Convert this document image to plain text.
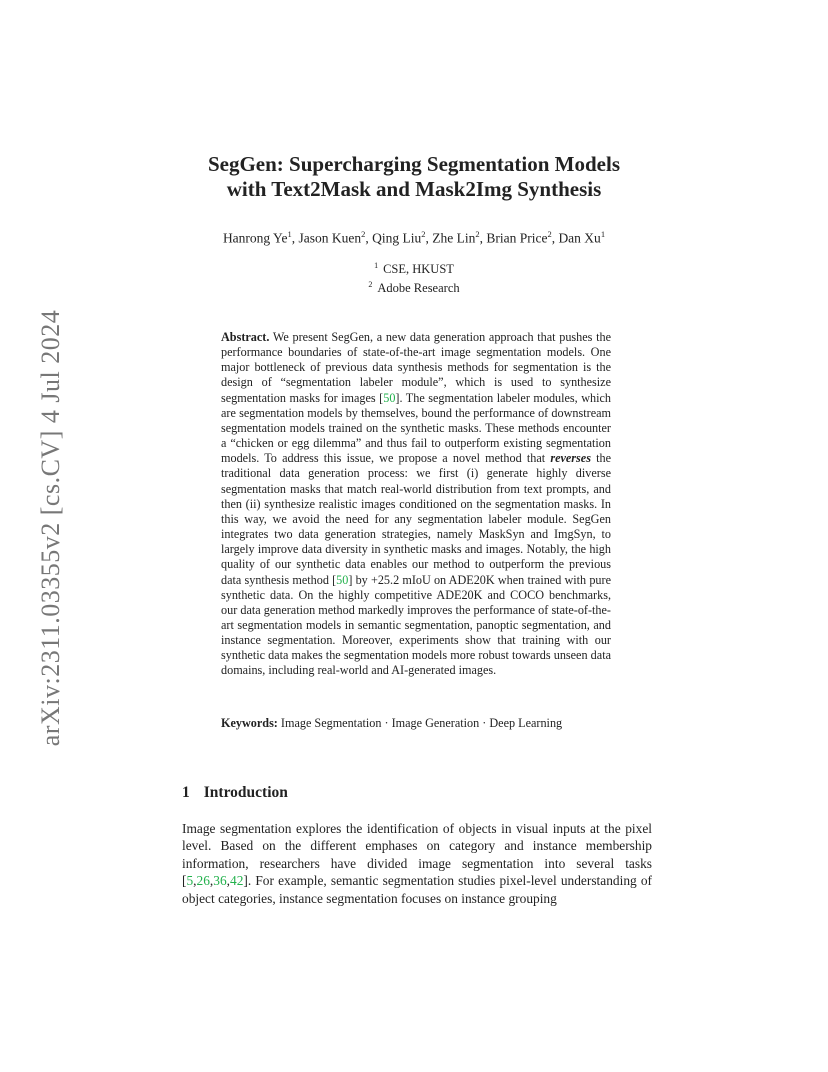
arXiv:2311.03355v2 [cs.CV] 4 Jul 2024
SegGen: Supercharging Segmentation Models
with Text2Mask and Mask2Img Synthesis
Hanrong Ye$^1$, Jason Kuen$^2$, Qing Liu$^2$, Zhe Lin$^2$, Brian Price$^2$, Dan Xu$^1$
$^1$ CSE, HKUST
$^2$ Adobe Research
Abstract. We present SegGen, a new data generation approach that pushes the performance boundaries of state-of-the-art image segmentation models. One major bottleneck of previous data synthesis methods for segmentation is the design of “segmentation labeler module”, which is used to synthesize segmentation masks for images [50]. The segmentation labeler modules, which are segmentation models by themselves, bound the performance of downstream segmentation models trained on the synthetic masks. These methods encounter a “chicken or egg dilemma” and thus fail to outperform existing segmentation models. To address this issue, we propose a novel method that reverses the traditional data generation process: we first (i) generate highly diverse segmentation masks that match real-world distribution from text prompts, and then (ii) synthesize realistic images conditioned on the segmentation masks. In this way, we avoid the need for any segmentation labeler module. SegGen integrates two data generation strategies, namely MaskSyn and ImgSyn, to largely improve data diversity in synthetic masks and images. Notably, the high quality of our synthetic data enables our method to outperform the previous data synthesis method [50] by +25.2 mIoU on ADE20K when trained with pure synthetic data. On the highly competitive ADE20K and COCO benchmarks, our data generation method markedly improves the performance of state-of-the-art segmentation models in semantic segmentation, panoptic segmentation, and instance segmentation. Moreover, experiments show that training with our synthetic data makes the segmentation models more robust towards unseen data domains, including real-world and AI-generated images.
Keywords: Image Segmentation · Image Generation · Deep Learning
1 Introduction
Image segmentation explores the identification of objects in visual inputs at the pixel level. Based on the different emphases on category and instance membership information, researchers have divided image segmentation into several tasks [5,26,36,42]. For example, semantic segmentation studies pixel-level understanding of object categories, instance segmentation focuses on instance grouping
